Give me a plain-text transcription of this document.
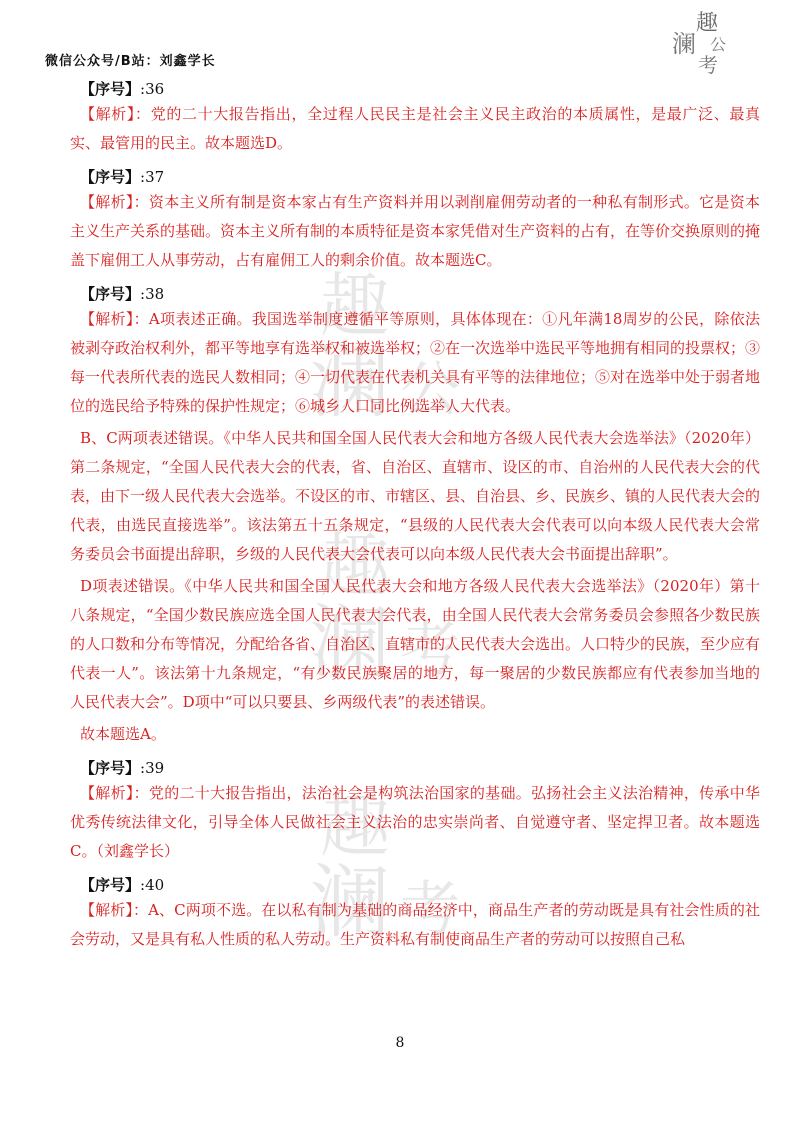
趣
澜 公
趣
澜 考
趣
澜 考
趣
澜 公
考
微信公众号/B站：刘鑫学长
【序号】:36
【解析】：党的二十大报告指出，全过程人民民主是社会主义民主政治的本质属性，是最广泛、最真实、最管用的民主。故本题选D。
【序号】:37
【解析】：资本主义所有制是资本家占有生产资料并用以剥削雇佣劳动者的一种私有制形式。它是资本主义生产关系的基础。资本主义所有制的本质特征是资本家凭借对生产资料的占有，在等价交换原则的掩盖下雇佣工人从事劳动，占有雇佣工人的剩余价值。故本题选C。
【序号】:38
【解析】：A项表述正确。我国选举制度遵循平等原则，具体体现在：①凡年满18周岁的公民，除依法被剥夺政治权利外，都平等地享有选举权和被选举权；②在一次选举中选民平等地拥有相同的投票权；③每一代表所代表的选民人数相同；④一切代表在代表机关具有平等的法律地位；⑤对在选举中处于弱者地位的选民给予特殊的保护性规定；⑥城乡人口同比例选举人大代表。
B、C两项表述错误。《中华人民共和国全国人民代表大会和地方各级人民代表大会选举法》（2020年）第二条规定，“全国人民代表大会的代表，省、自治区、直辖市、设区的市、自治州的人民代表大会的代表，由下一级人民代表大会选举。不设区的市、市辖区、县、自治县、乡、民族乡、镇的人民代表大会的代表，由选民直接选举”。该法第五十五条规定，“县级的人民代表大会代表可以向本级人民代表大会常务委员会书面提出辞职，乡级的人民代表大会代表可以向本级人民代表大会书面提出辞职”。
D项表述错误。《中华人民共和国全国人民代表大会和地方各级人民代表大会选举法》（2020年）第十八条规定，“全国少数民族应选全国人民代表大会代表，由全国人民代表大会常务委员会参照各少数民族的人口数和分布等情况，分配给各省、自治区、直辖市的人民代表大会选出。人口特少的民族，至少应有代表一人”。该法第十九条规定，“有少数民族聚居的地方，每一聚居的少数民族都应有代表参加当地的人民代表大会”。D项中“可以只要县、乡两级代表”的表述错误。
故本题选A。
【序号】:39
【解析】：党的二十大报告指出，法治社会是构筑法治国家的基础。弘扬社会主义法治精神，传承中华优秀传统法律文化，引导全体人民做社会主义法治的忠实崇尚者、自觉遵守者、坚定捍卫者。故本题选C。（刘鑫学长）
【序号】:40
【解析】：A、C两项不选。在以私有制为基础的商品经济中，商品生产者的劳动既是具有社会性质的社会劳动，又是具有私人性质的私人劳动。生产资料私有制使商品生产者的劳动可以按照自己私
8
